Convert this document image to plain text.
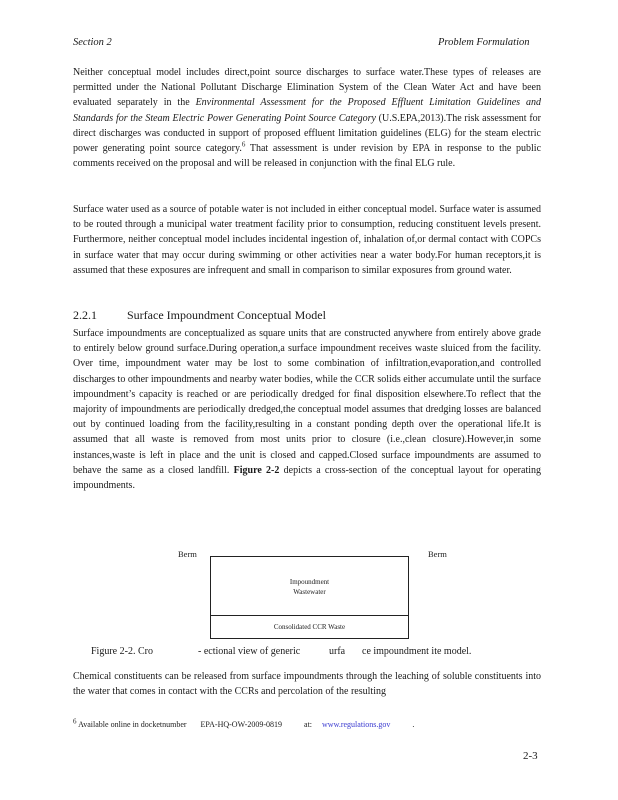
Section 2	Problem Formulation

Neither conceptual model includes direct,point source discharges to surface water.These types of releases are permitted under the National Pollutant Discharge Elimination System of the Clean Water Act and have been evaluated separately in the Environmental Assessment for the Proposed Effluent Limitation Guidelines and Standards for the Steam Electric Power Generating Point Source Category (U.S.EPA,2013).The risk assessment for direct discharges was conducted in support of proposed effluent limitation guidelines (ELG) for the steam electric power generating point source category.$^6$ That assessment is under revision by EPA in response to the public comments received on the proposal and will be released in conjunction with the final ELG rule.

Surface water used as a source of potable water is not included in either conceptual model. Surface water is assumed to be routed through a municipal water treatment facility prior to consumption, reducing constituent levels present. Furthermore, neither conceptual model includes incidental ingestion of, inhalation of,or dermal contact with COPCs in surface water that may occur during swimming or other activities near a water body.For human receptors,it is assumed that these exposures are infrequent and small in comparison to similar exposures from ground water.

2.2.1	Surface Impoundment Conceptual Model

Surface impoundments are conceptualized as square units that are constructed anywhere from entirely above grade to entirely below ground surface.During operation,a surface impoundment receives waste sluiced from the facility. Over time, impoundment water may be lost to some combination of infiltration,evaporation,and controlled discharges to other impoundments and nearby water bodies, while the CCR solids either accumulate until the surface impoundment’s capacity is reached or are periodically dredged for final disposition elsewhere.To reflect that the majority of impoundments are periodically dredged,the conceptual model assumes that dredging losses are balanced out by continued loading from the facility,resulting in a constant ponding depth over the operational life.It is assumed that all waste is removed from most units prior to closure (i.e.,clean closure).However,in some instances,waste is left in place and the unit is closed and capped.Closed surface impoundments are assumed to behave the same as a closed landfill. Figure 2-2 depicts a cross-section of the conceptual layout for operating impoundments.

Berm	Berm
Impoundment
Wastewater
Consolidated CCR Waste
Figure 2-2. Cro	- ectional view of generic	urfa ce impoundment ite model.

Chemical constituents can be released from surface impoundments through the leaching of soluble constituents into the water that comes in contact with the CCRs and percolation of the resulting

$^6$ Available online in docketnumber EPA-HQ-OW-2009-0819	at: www.regulations.gov	.
2-3
